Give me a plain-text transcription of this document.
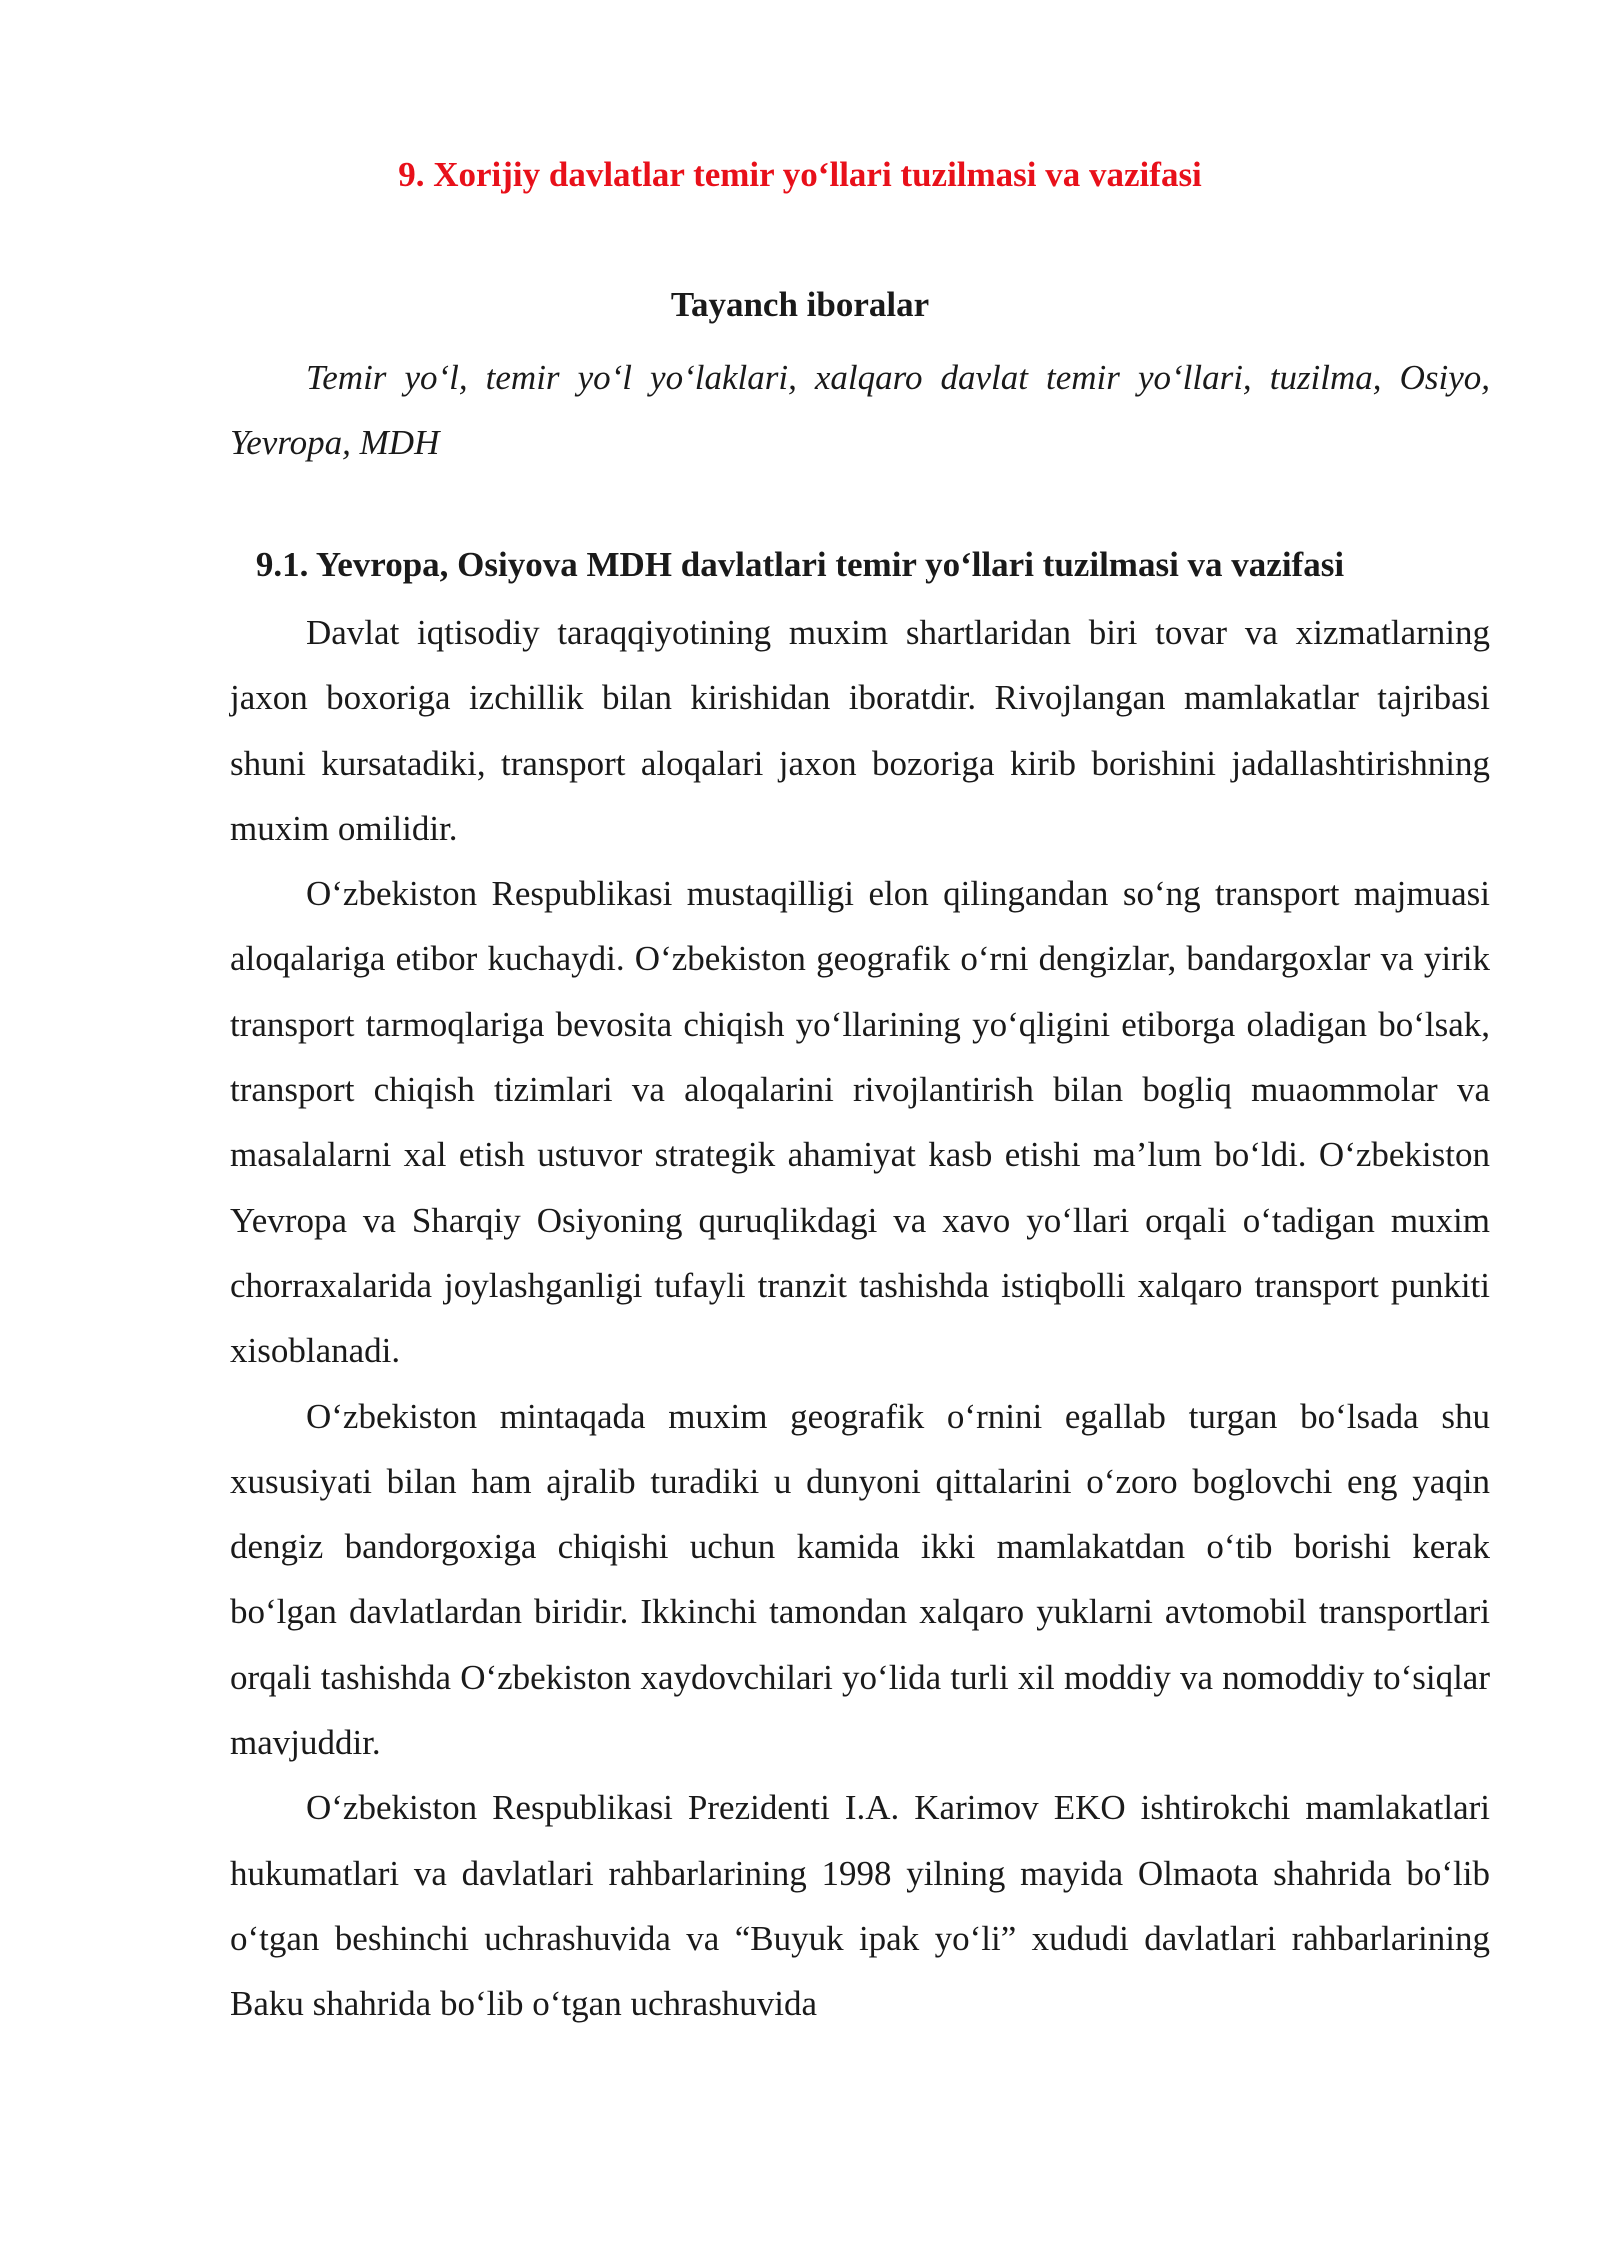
9. Xorijiy davlatlar temir yo‘llari tuzilmasi va vazifasi
Tayanch iboralar

Temir yo‘l, temir yo‘l yo‘laklari, xalqaro davlat temir yo‘llari, tuzilma, Osiyo, Yevropa, MDH

9.1. Yevropa, Osiyova MDH davlatlari temir yo‘llari tuzilmasi va vazifasi

Davlat iqtisodiy taraqqiyotining muxim shartlaridan biri tovar va xizmatlarning jaxon boxoriga izchillik bilan kirishidan iboratdir. Rivojlangan mamlakatlar tajribasi shuni kursatadiki, transport aloqalari jaxon bozoriga kirib borishini jadallashtirishning muxim omilidir.

O‘zbekiston Respublikasi mustaqilligi elon qilingandan so‘ng transport majmuasi aloqalariga etibor kuchaydi. O‘zbekiston geografik o‘rni dengizlar, bandargoxlar va yirik transport tarmoqlariga bevosita chiqish yo‘llarining yo‘qligini etiborga oladigan bo‘lsak, transport chiqish tizimlari va aloqalarini rivojlantirish bilan bogliq muaommolar va masalalarni xal etish ustuvor strategik ahamiyat kasb etishi ma’lum bo‘ldi. O‘zbekiston Yevropa va Sharqiy Osiyoning quruqlikdagi va xavo yo‘llari orqali o‘tadigan muxim chorraxalarida joylashganligi tufayli tranzit tashishda istiqbolli xalqaro transport punkiti xisoblanadi.

O‘zbekiston mintaqada muxim geografik o‘rnini egallab turgan bo‘lsada shu xususiyati bilan ham ajralib turadiki u dunyoni qittalarini o‘zoro boglovchi eng yaqin dengiz bandorgoxiga chiqishi uchun kamida ikki mamlakatdan o‘tib borishi kerak bo‘lgan davlatlardan biridir. Ikkinchi tamondan xalqaro yuklarni avtomobil transportlari orqali tashishda O‘zbekiston xaydovchilari yo‘lida turli xil moddiy va nomoddiy to‘siqlar mavjuddir.

O‘zbekiston Respublikasi Prezidenti I.A. Karimov EKO ishtirokchi mamlakatlari hukumatlari va davlatlari rahbarlarining 1998 yilning mayida Olmaota shahrida bo‘lib o‘tgan beshinchi uchrashuvida va “Buyuk ipak yo‘li” xududi davlatlari rahbarlarining Baku shahrida bo‘lib o‘tgan uchrashuvida
